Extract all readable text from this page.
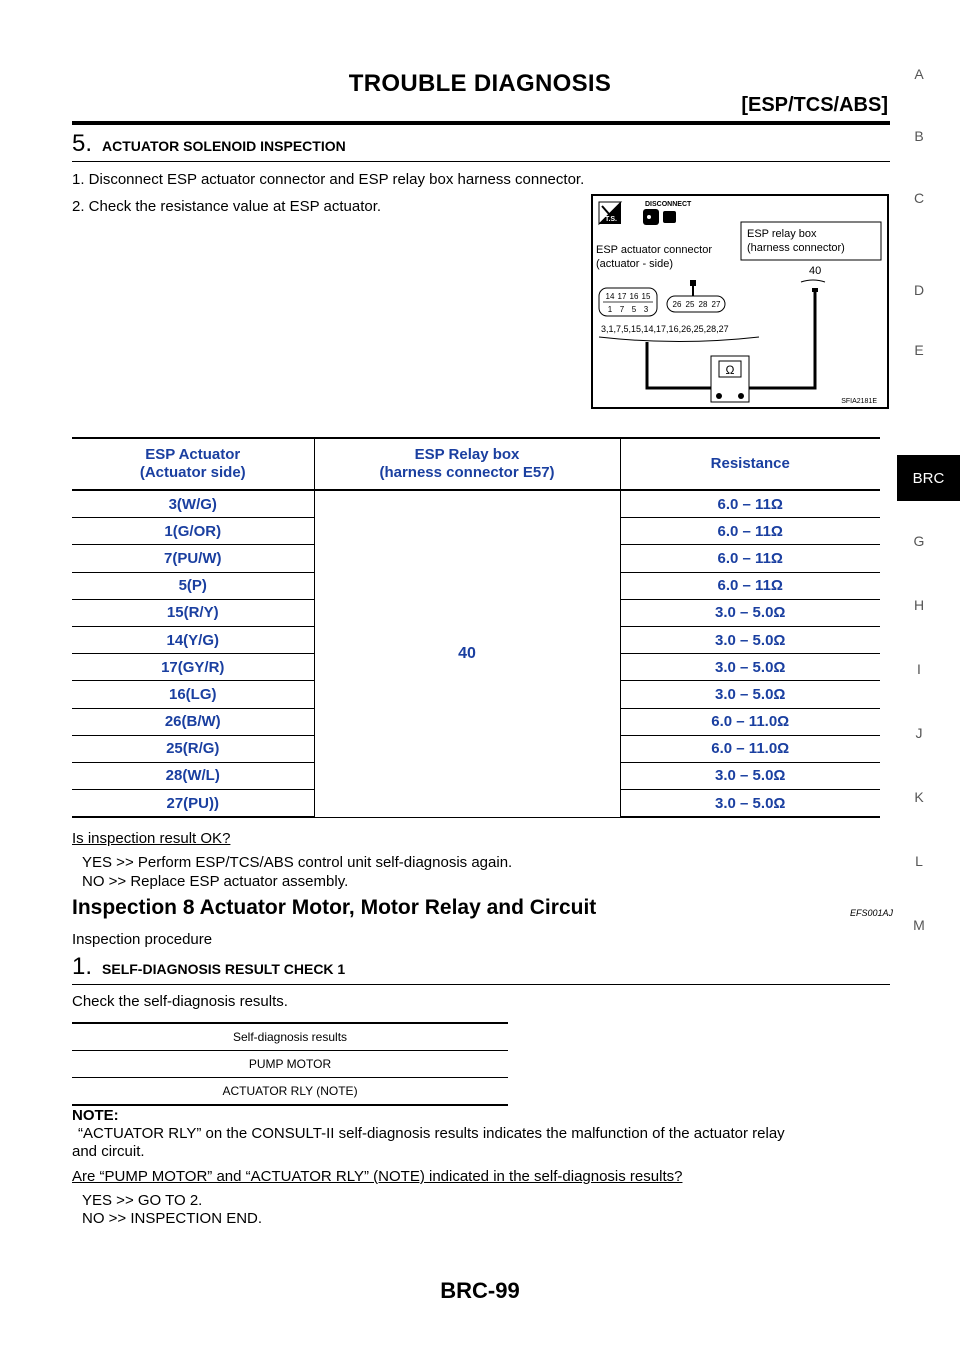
TROUBLE DIAGNOSIS
[ESP/TCS/ABS]
A
B
C
D
E
BRC
G
H
I
J
K
L
M
5. ACTUATOR SOLENOID INSPECTION
1. Disconnect ESP actuator connector and ESP relay box harness connector.
2. Check the resistance value at ESP actuator.
T.S.
DISCONNECT
ESP actuator connector
(actuator - side)
ESP relay box
(harness connector)
40
14 17 16 15
1 7 5 3
26 25 28 27
3,1,7,5,15,14,17,16,26,25,28,27
Ω
SFIA2181E
ESP Actuator
(Actuator side)	ESP Relay box
(harness connector E57)	Resistance
3(W/G)	40	6.0 – 11Ω
1(G/OR)		6.0 – 11Ω
7(PU/W)		6.0 – 11Ω
5(P)		6.0 – 11Ω
15(R/Y)		3.0 – 5.0Ω
14(Y/G)		3.0 – 5.0Ω
17(GY/R)		3.0 – 5.0Ω
16(LG)		3.0 – 5.0Ω
26(B/W)		6.0 – 11.0Ω
25(R/G)		6.0 – 11.0Ω
28(W/L)		3.0 – 5.0Ω
27(PU))		3.0 – 5.0Ω
Is inspection result OK?
YES >> Perform ESP/TCS/ABS control unit self-diagnosis again.
NO >> Replace ESP actuator assembly.
Inspection 8 Actuator Motor, Motor Relay and Circuit	EFS001AJ
Inspection procedure
1. SELF-DIAGNOSIS RESULT CHECK 1
Check the self-diagnosis results.
Self-diagnosis results
PUMP MOTOR
ACTUATOR RLY (NOTE)
NOTE:
“ACTUATOR RLY” on the CONSULT-II self-diagnosis results indicates the malfunction of the actuator relay
and circuit.
Are “PUMP MOTOR” and “ACTUATOR RLY” (NOTE) indicated in the self-diagnosis results?
YES >> GO TO 2.
NO >> INSPECTION END.
BRC-99
